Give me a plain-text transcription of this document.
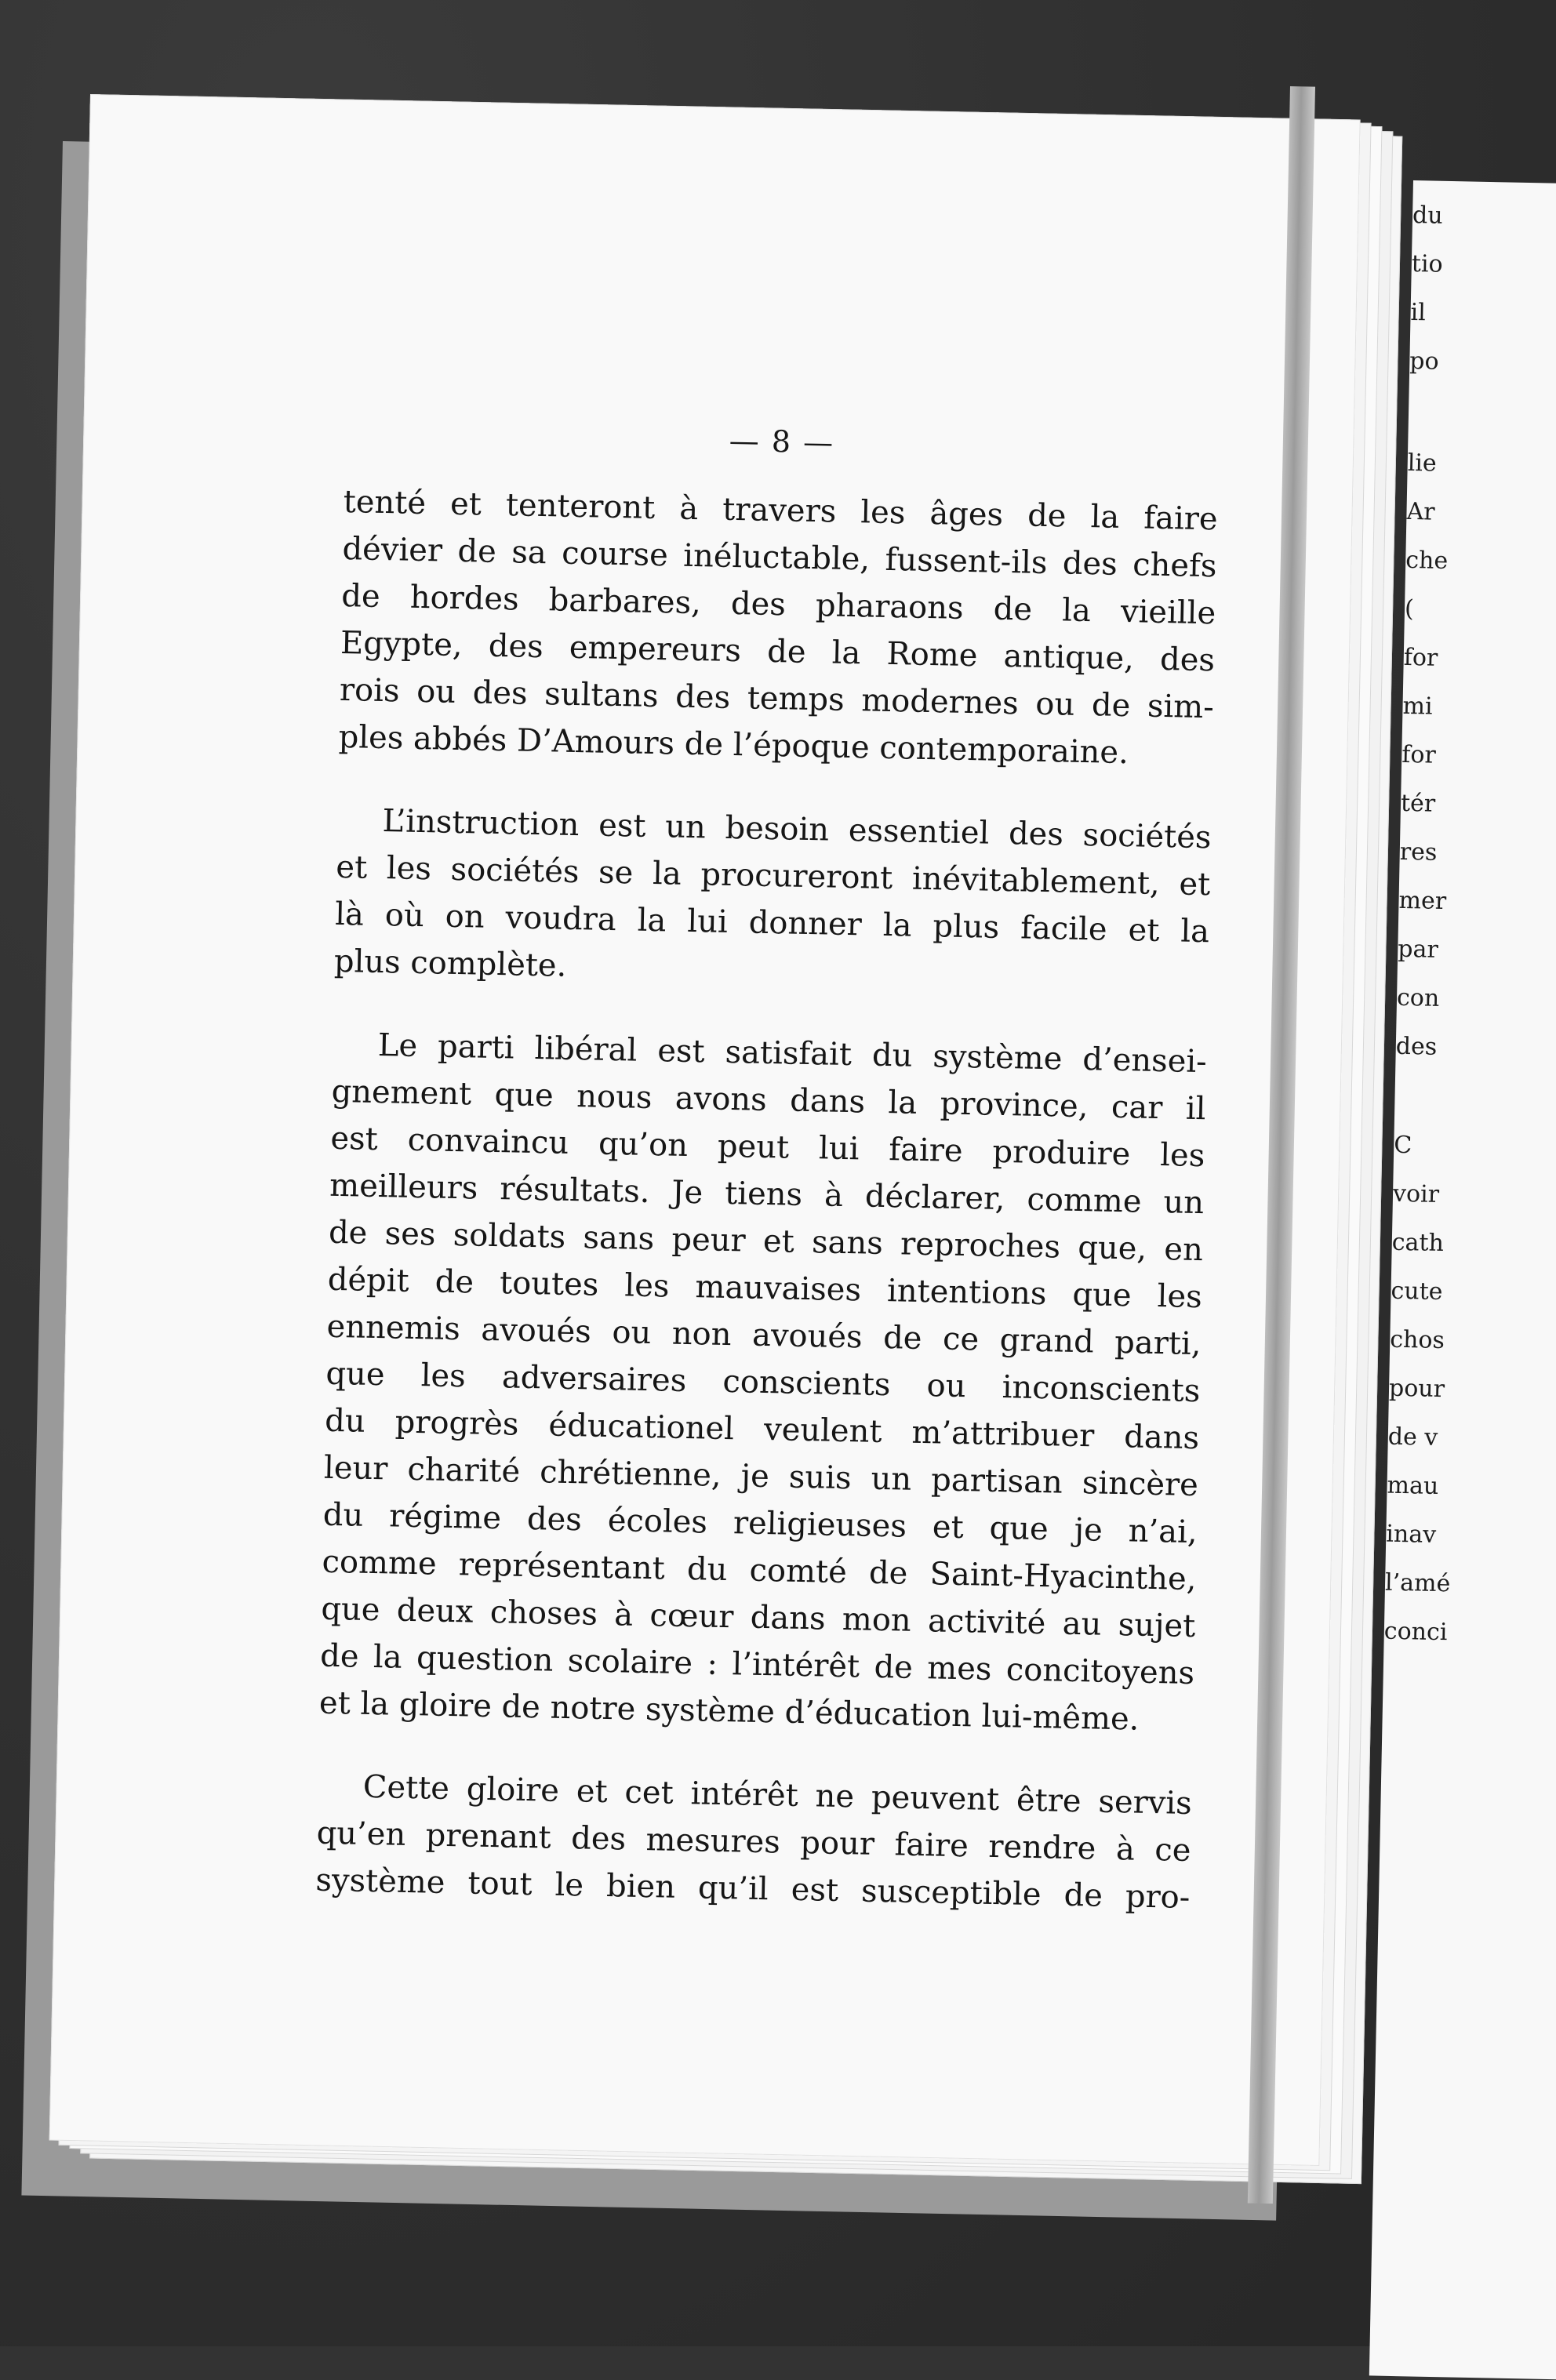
du
tio
il
po
lie
Ar
che
(
for
mi
for
tér
res
mer
par
con
des
C
voir
cath
cute
chos
pour
de v
mau
inav
l’amé
conci
— 8 —
tenté et tenteront à travers les âges de la faire
dévier de sa course inéluctable, fussent-ils des chefs
de hordes barbares, des pharaons de la vieille
Egypte, des empereurs de la Rome antique, des
rois ou des sultans des temps modernes ou de sim-
ples abbés D’Amours de l’époque contemporaine.
L’instruction est un besoin essentiel des sociétés
et les sociétés se la procureront inévitablement, et
là où on voudra la lui donner la plus facile et la
plus complète.
Le parti libéral est satisfait du système d’ensei-
gnement que nous avons dans la province, car il
est convaincu qu’on peut lui faire produire les
meilleurs résultats. Je tiens à déclarer, comme un
de ses soldats sans peur et sans reproches que, en
dépit de toutes les mauvaises intentions que les
ennemis avoués ou non avoués de ce grand parti,
que les adversaires conscients ou inconscients
du progrès éducationel veulent m’attribuer dans
leur charité chrétienne, je suis un partisan sincère
du régime des écoles religieuses et que je n’ai,
comme représentant du comté de Saint-Hyacinthe,
que deux choses à cœur dans mon activité au sujet
de la question scolaire : l’intérêt de mes concitoyens
et la gloire de notre système d’éducation lui-même.
Cette gloire et cet intérêt ne peuvent être servis
qu’en prenant des mesures pour faire rendre à ce
système tout le bien qu’il est susceptible de pro-
